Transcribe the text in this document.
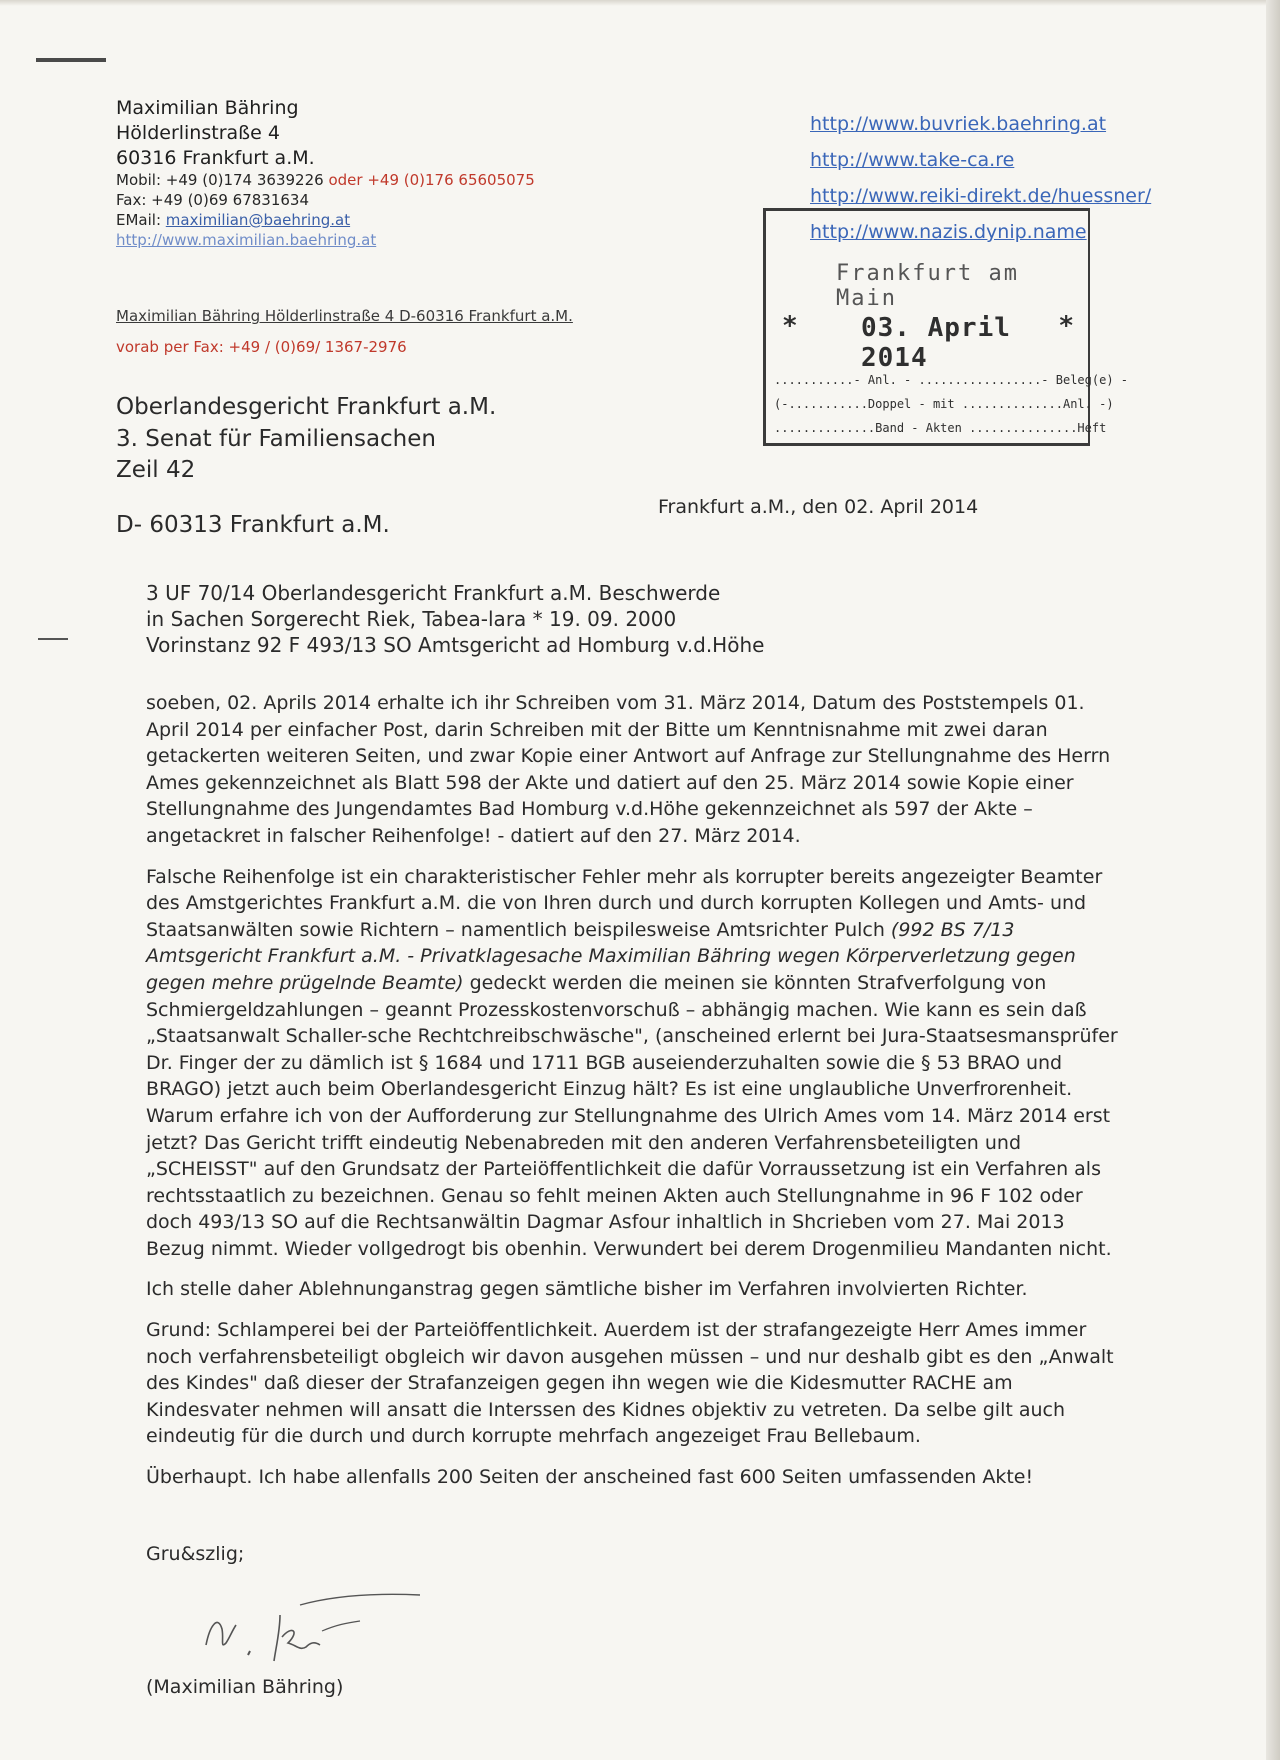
Maximilian Bähring
Hölderlinstraße 4
60316 Frankfurt a.M.
Mobil: +49 (0)174 3639226 oder +49 (0)176 65605075
Fax: +49 (0)69 67831634
EMail: maximilian@baehring.at
http://www.maximilian.baehring.at
http://www.buvriek.baehring.at
http://www.take-ca.re
http://www.reiki-direkt.de/huessner/
http://www.nazis.dynip.name
Frankfurt am Main
* 03. April 2014
*
...........- Anl. - .................- Beleg(e) -
(-...........Doppel - mit ..............Anl. -)
..............Band - Akten ...............Heft
Maximilian Bähring Hölderlinstraße 4 D-60316 Frankfurt a.M.
vorab per Fax: +49 / (0)69/ 1367-2976
Oberlandesgericht Frankfurt a.M.
3. Senat für Familiensachen
Zeil 42
D- 60313 Frankfurt a.M.
Frankfurt a.M., den 02. April 2014
3 UF 70/14 Oberlandesgericht Frankfurt a.M. Beschwerde
in Sachen Sorgerecht Riek, Tabea-lara * 19. 09. 2000
Vorinstanz 92 F 493/13 SO Amtsgericht ad Homburg v.d.Höhe

soeben, 02. Aprils 2014 erhalte ich ihr Schreiben vom 31. März 2014, Datum des Poststempels 01. April 2014 per einfacher Post, darin Schreiben mit der Bitte um Kenntnisnahme mit zwei daran getackerten weiteren Seiten, und zwar Kopie einer Antwort auf Anfrage zur Stellungnahme des Herrn Ames gekennzeichnet als Blatt 598 der Akte und datiert auf den 25. März 2014 sowie Kopie einer Stellungnahme des Jungendamtes Bad Homburg v.d.Höhe gekennzeichnet als 597 der Akte – angetackret in falscher Reihenfolge! - datiert auf den 27. März 2014.

Falsche Reihenfolge ist ein charakteristischer Fehler mehr als korrupter bereits angezeigter Beamter des Amstgerichtes Frankfurt a.M. die von Ihren durch und durch korrupten Kollegen und Amts- und Staatsanwälten sowie Richtern – namentlich beispilesweise Amtsrichter Pulch (992 BS 7/13 Amtsgericht Frankfurt a.M. - Privatklagesache Maximilian Bähring wegen Körperverletzung gegen gegen mehre prügelnde Beamte) gedeckt werden die meinen sie könnten Strafverfolgung von Schmiergeldzahlungen – geannt Prozesskostenvorschuß – abhängig machen. Wie kann es sein daß „Staatsanwalt Schaller-sche Rechtchreibschwäsche", (anscheined erlernt bei Jura-Staatsesmansprüfer Dr. Finger der zu dämlich ist § 1684 und 1711 BGB auseienderzuhalten sowie die § 53 BRAO und BRAGO) jetzt auch beim Oberlandesgericht Einzug hält? Es ist eine unglaubliche Unverfrorenheit. Warum erfahre ich von der Aufforderung zur Stellungnahme des Ulrich Ames vom 14. März 2014 erst jetzt? Das Gericht trifft eindeutig Nebenabreden mit den anderen Verfahrensbeteiligten und „SCHEISST" auf den Grundsatz der Parteiöffentlichkeit die dafür Vorraussetzung ist ein Verfahren als rechtsstaatlich zu bezeichnen. Genau so fehlt meinen Akten auch Stellungnahme in 96 F 102 oder doch 493/13 SO auf die Rechtsanwältin Dagmar Asfour inhaltlich in Shcrieben vom 27. Mai 2013 Bezug nimmt. Wieder vollgedrogt bis obenhin. Verwundert bei derem Drogenmilieu Mandanten nicht.

Ich stelle daher Ablehnunganstrag gegen sämtliche bisher im Verfahren involvierten Richter.

Grund: Schlamperei bei der Parteiöffentlichkeit. Auerdem ist der strafangezeigte Herr Ames immer noch verfahrensbeteiligt obgleich wir davon ausgehen müssen – und nur deshalb gibt es den „Anwalt des Kindes" daß dieser der Strafanzeigen gegen ihn wegen wie die Kidesmutter RACHE am Kindesvater nehmen will ansatt die Interssen des Kidnes objektiv zu vetreten. Da selbe gilt auch eindeutig für die durch und durch korrupte mehrfach angezeiget Frau Bellebaum.

Überhaupt. Ich habe allenfalls 200 Seiten der anscheined fast 600 Seiten umfassenden Akte!

Gru&szlig;
(Maximilian Bähring)
